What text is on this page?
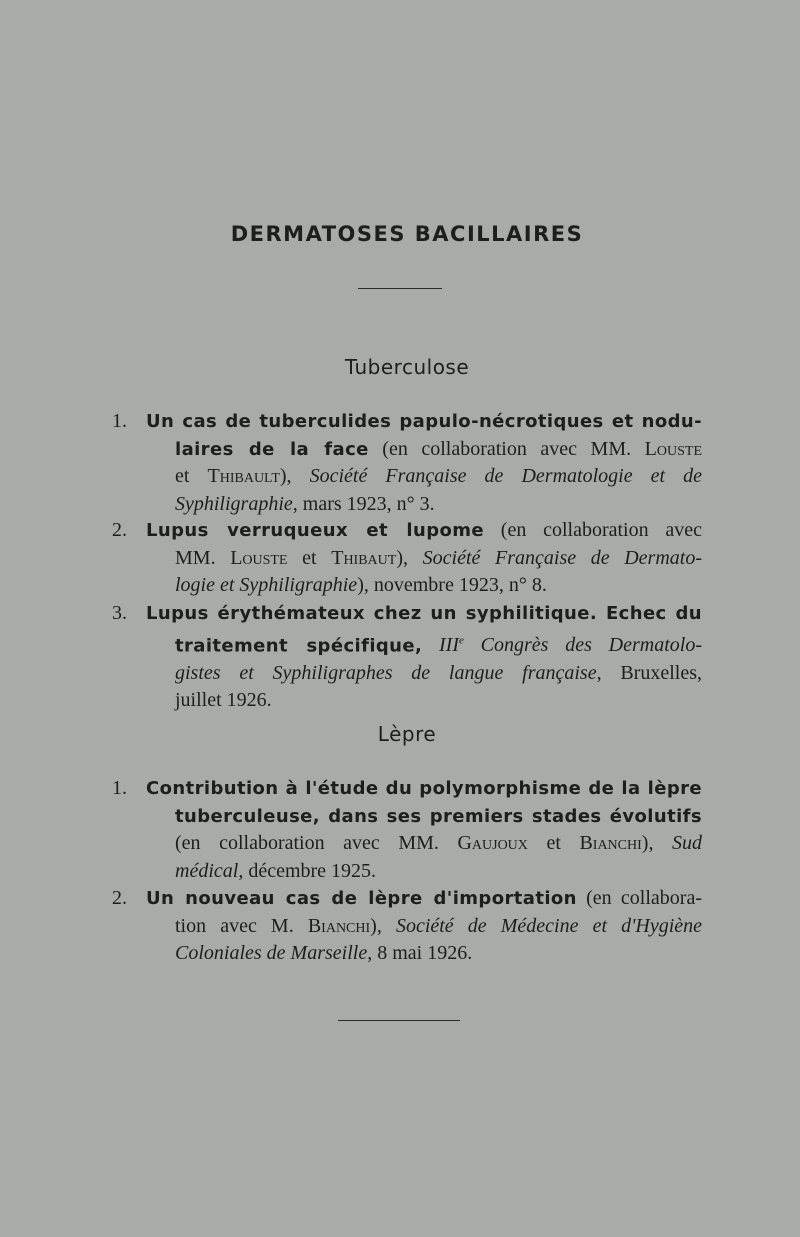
DERMATOSES BACILLAIRES
Tuberculose
1.	Un cas de tuberculides papulo-nécrotiques et nodu-
laires de la face (en collaboration avec MM. Louste
et Thibault), Société Française de Dermatologie et de
Syphiligraphie, mars 1923, n° 3.
2.	Lupus verruqueux et lupome (en collaboration avec
MM. Louste et Thibaut), Société Française de Dermato-
logie et Syphiligraphie), novembre 1923, n° 8.
3.	Lupus érythémateux chez un syphilitique. Echec du
traitement spécifique, IIIe Congrès des Dermatolo-
gistes et Syphiligraphes de langue française, Bruxelles,
juillet 1926.
Lèpre
1.	Contribution à l'étude du polymorphisme de la lèpre
tuberculeuse, dans ses premiers stades évolutifs
(en collaboration avec MM. Gaujoux et Bianchi), Sud
médical, décembre 1925.
2.	Un nouveau cas de lèpre d'importation (en collabora-
tion avec M. Bianchi), Société de Médecine et d'Hygiène
Coloniales de Marseille, 8 mai 1926.
